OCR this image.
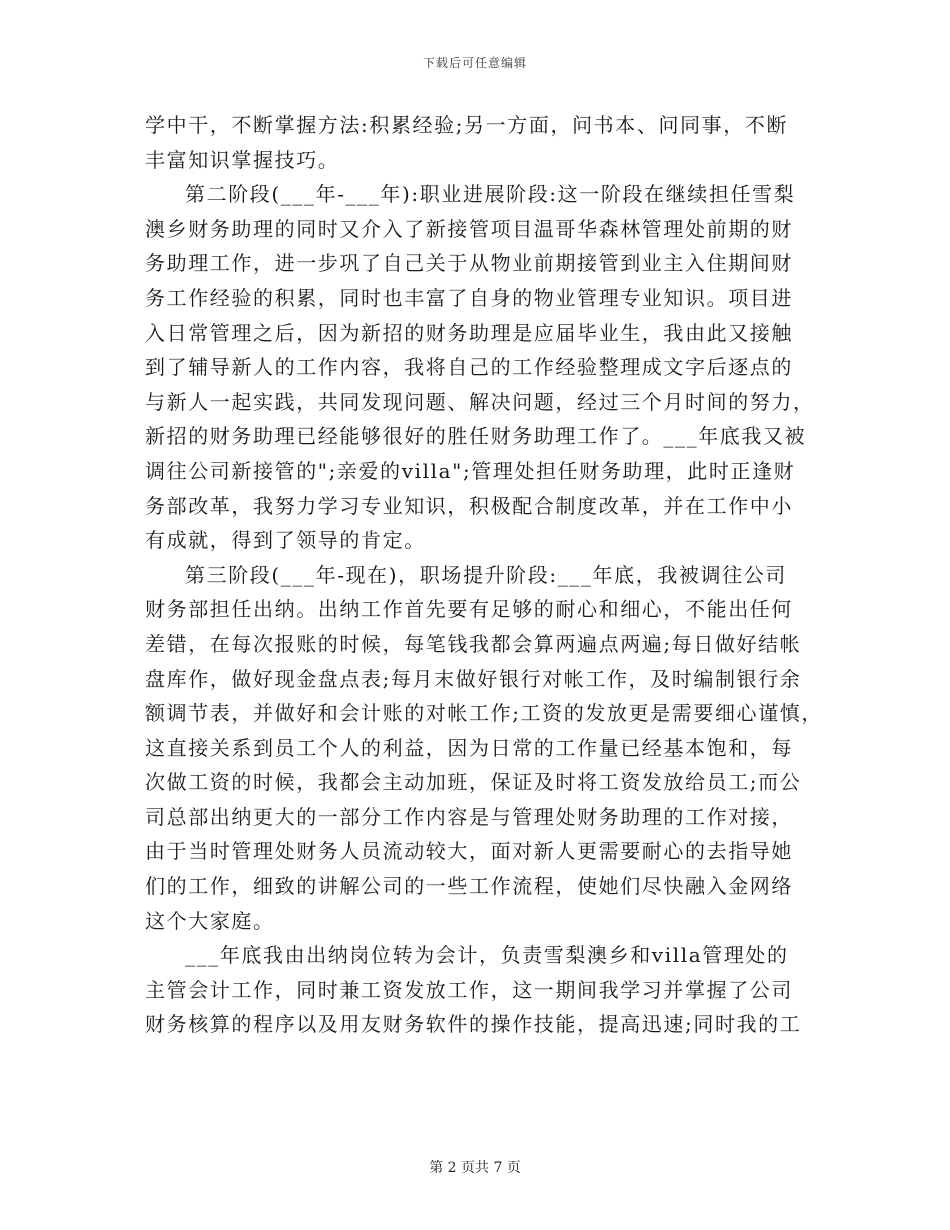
下载后可任意编辑
学中干，不断掌握方法:积累经验;另一方面，问书本、问同事，不断
丰富知识掌握技巧。
第二阶段(___年-___年):职业进展阶段:这一阶段在继续担任雪梨
澳乡财务助理的同时又介入了新接管项目温哥华森林管理处前期的财
务助理工作，进一步巩了自己关于从物业前期接管到业主入住期间财
务工作经验的积累，同时也丰富了自身的物业管理专业知识。项目进
入日常管理之后，因为新招的财务助理是应届毕业生，我由此又接触
到了辅导新人的工作内容，我将自己的工作经验整理成文字后逐点的
与新人一起实践，共同发现问题、解决问题，经过三个月时间的努力，
新招的财务助理已经能够很好的胜任财务助理工作了。___年底我又被
调往公司新接管的";亲爱的villa";管理处担任财务助理，此时正逢财
务部改革，我努力学习专业知识，积极配合制度改革，并在工作中小
有成就，得到了领导的肯定。
第三阶段(___年-现在)，职场提升阶段:___年底，我被调往公司
财务部担任出纳。出纳工作首先要有足够的耐心和细心，不能出任何
差错，在每次报账的时候，每笔钱我都会算两遍点两遍;每日做好结帐
盘库作，做好现金盘点表;每月末做好银行对帐工作，及时编制银行余
额调节表，并做好和会计账的对帐工作;工资的发放更是需要细心谨慎，
这直接关系到员工个人的利益，因为日常的工作量已经基本饱和，每
次做工资的时候，我都会主动加班，保证及时将工资发放给员工;而公
司总部出纳更大的一部分工作内容是与管理处财务助理的工作对接，
由于当时管理处财务人员流动较大，面对新人更需要耐心的去指导她
们的工作，细致的讲解公司的一些工作流程，使她们尽快融入金网络
这个大家庭。
___年底我由出纳岗位转为会计，负责雪梨澳乡和villa管理处的
主管会计工作，同时兼工资发放工作，这一期间我学习并掌握了公司
财务核算的程序以及用友财务软件的操作技能，提高迅速;同时我的工
第 2 页共 7 页
